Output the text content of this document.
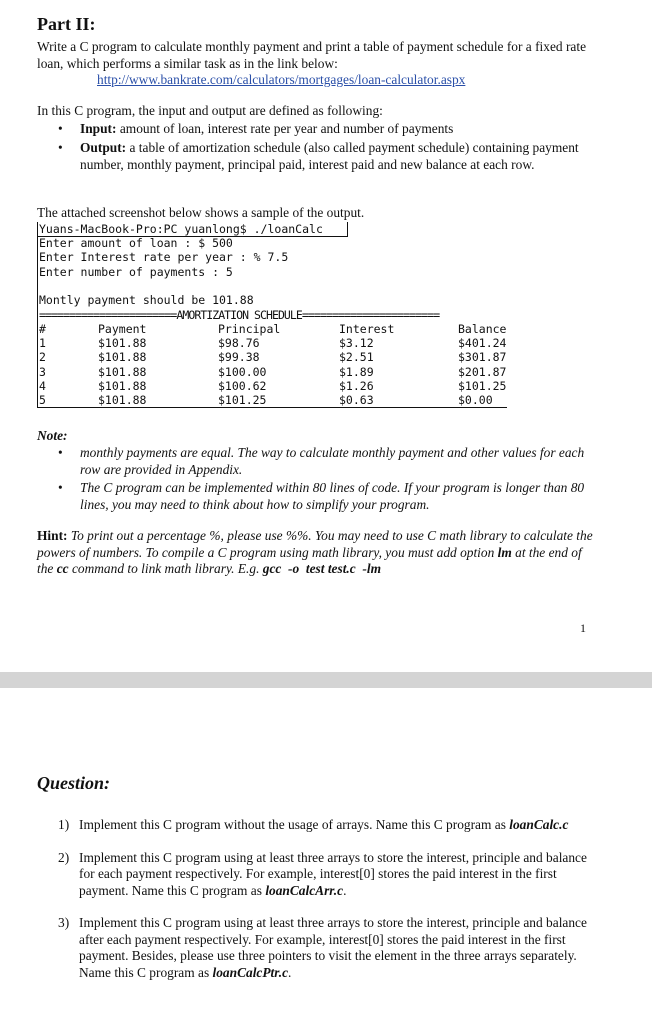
Part II:
Write a C program to calculate monthly payment and print a table of payment schedule for a fixed rate loan, which performs a similar task as in the link below:
http://www.bankrate.com/calculators/mortgages/loan-calculator.aspx
In this C program, the input and output are defined as following:
• Input: amount of loan, interest rate per year and number of payments
• Output: a table of amortization schedule (also called payment schedule) containing payment number, monthly payment, principal paid, interest paid and new balance at each row.
The attached screenshot below shows a sample of the output.
Yuans-MacBook-Pro:PC yuanlong$ ./loanCalc
Enter amount of loan : $ 500
Enter Interest rate per year : % 7.5
Enter number of payments : 5
Montly payment should be 101.88
=======================AMORTIZATION SCHEDULE=======================
#	Payment	Principal	Interest	Balance
1	$101.88	$98.76	$3.12	$401.24
2	$101.88	$99.38	$2.51	$301.87
3	$101.88	$100.00	$1.89	$201.87
4	$101.88	$100.62	$1.26	$101.25
5	$101.88	$101.25	$0.63	$0.00
Note:
• monthly payments are equal. The way to calculate monthly payment and other values for each row are provided in Appendix.
• The C program can be implemented within 80 lines of code. If your program is longer than 80 lines, you may need to think about how to simplify your program.
Hint: To print out a percentage %, please use %%. You may need to use C math library to calculate the powers of numbers. To compile a C program using math library, you must add option lm at the end of the cc command to link math library. E.g. gcc  -o  test test.c  -lm
1
Question:
1) Implement this C program without the usage of arrays. Name this C program as loanCalc.c
2) Implement this C program using at least three arrays to store the interest, principle and balance for each payment respectively. For example, interest[0] stores the paid interest in the first payment. Name this C program as loanCalcArr.c.
3) Implement this C program using at least three arrays to store the interest, principle and balance after each payment respectively. For example, interest[0] stores the paid interest in the first payment. Besides, please use three pointers to visit the element in the three arrays separately. Name this C program as loanCalcPtr.c.
